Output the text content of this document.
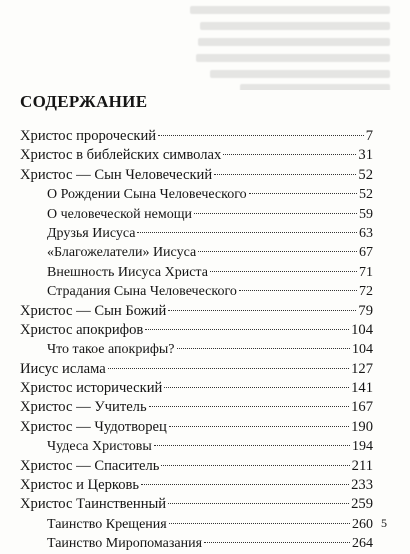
СОДЕРЖАНИЕ
Христос пророческий	7
Христос в библейских символах	31
Христос — Сын Человеческий	52
О Рождении Сына Человеческого	52
О человеческой немощи	59
Друзья Иисуса	63
«Благожелатели» Иисуса	67
Внешность Иисуса Христа	71
Страдания Сына Человеческого	72
Христос — Сын Божий	79
Христос апокрифов	104
Что такое апокрифы?	104
Иисус ислама	127
Христос исторический	141
Христос — Учитель	167
Христос — Чудотворец	190
Чудеса Христовы	194
Христос — Спаситель	211
Христос и Церковь	233
Христос Таинственный	259
Таинство Крещения	260
Таинство Миропомазания	264
5
